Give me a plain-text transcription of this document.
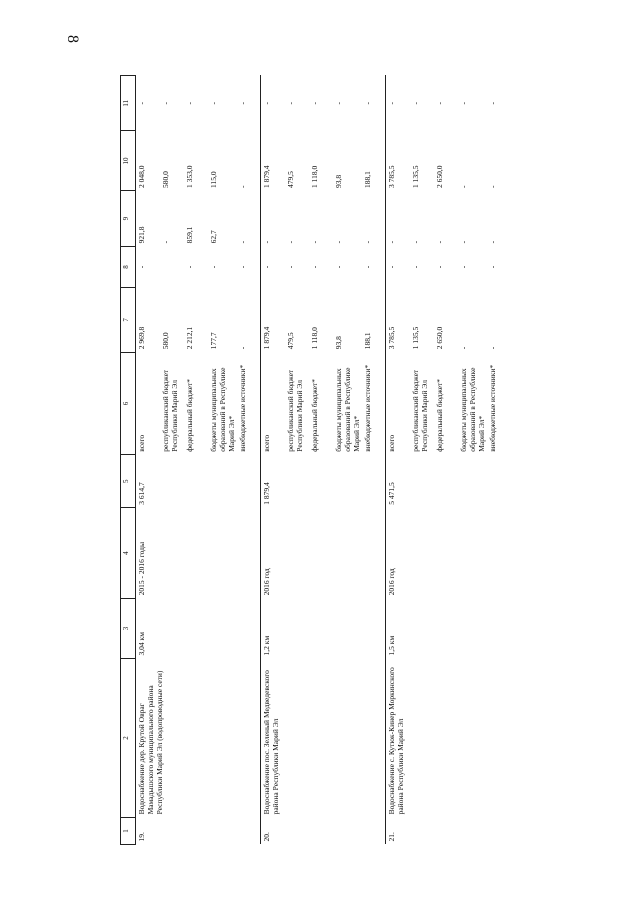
8
1	2	3	4	5	6	7	8	9	10	11
19.	Водоснабжение дер. Крутой Овраг Мамадышского муниципального района Республики Марий Эл (водопроводные сети)	3,04 км	2015 - 2016 годы	3 614,7	всего	2 969,8	-	921,8	2 048,0	-
					республиканский бюджет Республики Марий Эл	580,0		-	580,0	-
					федеральный бюджет*	2 212,1	-	859,1	1 353,0	-
					бюджеты муниципальных образований в Республике Марий Эл*	177,7	-	62,7	115,0	-
					внебюджетные источники*	-	-	-	-	-
20.	Водоснабжение пос. Зеленый Медведевского района Республики Марий Эл	1,2 км	2016 год	1 879,4	всего	1 879,4	-	-	1 879,4	-
					республиканский бюджет Республики Марий Эл	479,5	-	-	479,5	-
					федеральный бюджет*	1 118,0	-	-	1 118,0	-
					бюджеты муниципальных образований в Республике Марий Эл*	93,8	-	-	93,8	-
					внебюджетные источники*	188,1	-	-	188,1	-
21.	Водоснабжение с. Кутюк-Кинер Моркинского района Республики Марий Эл	1,5 км	2016 год	5 471,5	всего	3 785,5	-	-	3 785,5	-
					республиканский бюджет Республики Марий Эл	1 135,5	-	-	1 135,5	-
					федеральный бюджет*	2 650,0	-	-	2 650,0	-
					бюджеты муниципальных образований в Республике Марий Эл*	-	-	-	-	-
					внебюджетные источники*	-	-	-	-	-
